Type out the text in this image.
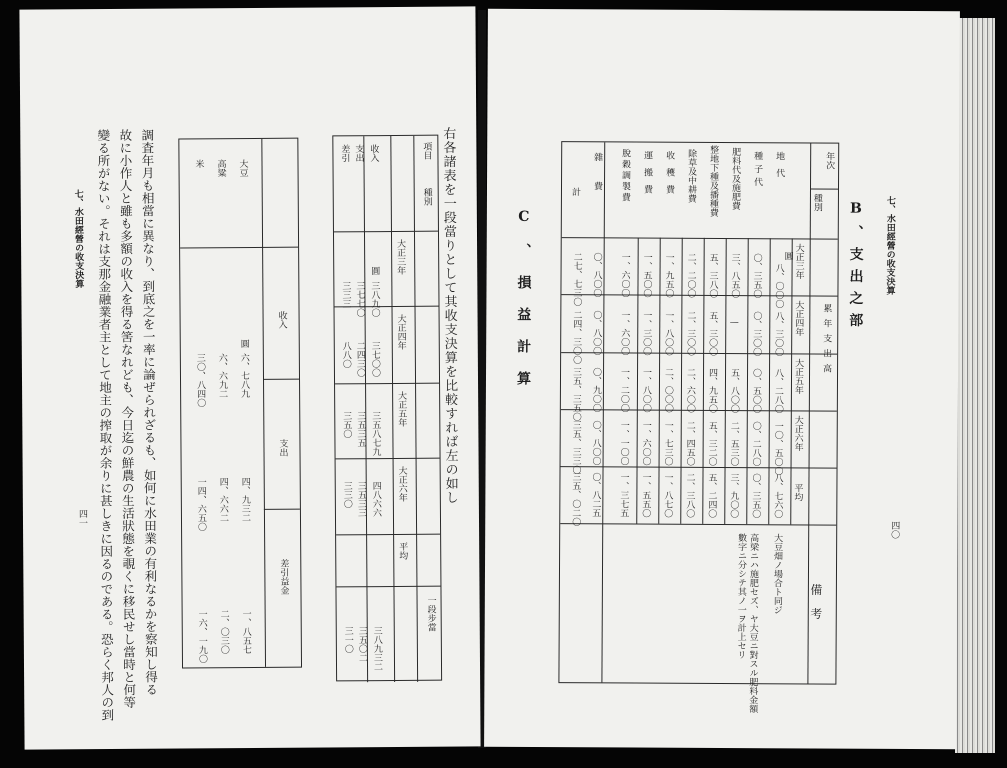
右各諸表を一段當りとして其收支決算を比較すれば左の如し
項目
種別
一段步當
大正三年
大正四年
大正五年
大正六年
平均
收入
圓
三八九〇
三七〇〇
三五八七九
四八六六
三八九三二
支出
三七七〇
二四三〇
三五三五
三五三三
三五〇二
差引
三三三
八八〇
三五〇
三三〇
三一〇
收入
支出
差引益金
大豆
圓
六、七八九
四、九三二
一、八五七
高粱
六、六九二
四、六六二
二、〇三〇
米
三〇、八四〇
一四、六五〇
一六、一九〇
調査年月も相當に異なり、到底之を一率に論ぜられざるも、如何に水田業の有利なるかを察知し得る
故に小作人と雖も多額の收入を得る筈なれども、今日迄の鮮農の生活狀態を覗くに移民せし當時と何等
變る所がない。それは支那金融業者主として地主の搾取が余りに甚しきに因るのである。恐らく邦人の到
七、水田經營の收支決算
四一
七、水田經營の收支決算
四〇
B、支出之部
年次
種別
累年支出高
大正三年
大正四年
大正五年
大正六年
平均
備考
地代
圓
八、〇〇〇
八、三〇〇
八、二八〇
一〇、五〇〇
八、七六〇
種子代
〇、三五〇
〇、三〇〇
〇、五〇〇
〇、二八〇
〇、三五〇
肥料代及施肥費
三、八五〇
—
五、八〇〇
二、五三〇
三、九〇〇
整地下種及播種費
五、三八〇
五、三〇〇
四、九五〇
五、三二〇
五、二四〇
除草及中耕費
二、二〇〇
二、三〇〇
二、六〇〇
二、四五〇
二、三八〇
收穫費
一、九五〇
一、八〇〇
二、〇〇〇
一、七三〇
一、八七〇
運搬費
一、五〇〇
一、三〇〇
一、八〇〇
一、六〇〇
一、五五〇
脫穀調製費
一、六〇〇
一、六〇〇
一、二〇〇
一、一〇〇
一、三七五
雜費
〇、八〇〇
〇、八〇〇
〇、九〇〇
〇、八〇〇
〇、八二五
計
二七、七三〇
二四、三〇〇
三五、三五〇
三五、三三〇
三五、〇二〇
大豆畑ノ場合ト同ジ
高梁ニハ施肥セズ、ヤ大豆ニ對スル肥料金額
數字ニ分シテ其ノ一ヲ計上セリ
C、損益計算
